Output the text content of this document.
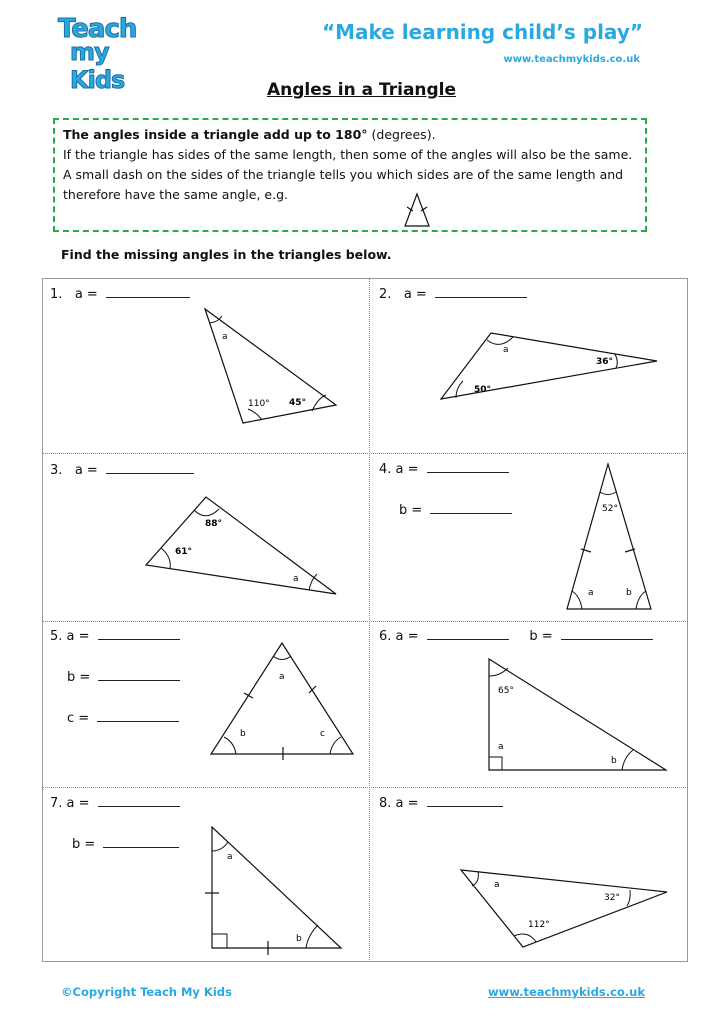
Teach
my Kids
“Make learning child’s play”
www.teachmykids.co.uk
Angles in a Triangle
The angles inside a triangle add up to 180° (degrees).
If the triangle has sides of the same length, then some of the angles will also be the same. A small dash on the sides of the triangle tells you which sides are of the same length and therefore have the same angle, e.g.
Find the missing angles in the triangles below.
1. a =
a
110° 45°
2. a =
a
36°
50°
3. a =
88°
61°
a
4. a =
b =	52°
a	b
5. a =
b =
c =
a
b	c
6. a =	b =
65°
a
b
7. a =
b =
a
b
8. a =
a
32°
112°
©Copyright Teach My Kids	www.teachmykids.co.uk
